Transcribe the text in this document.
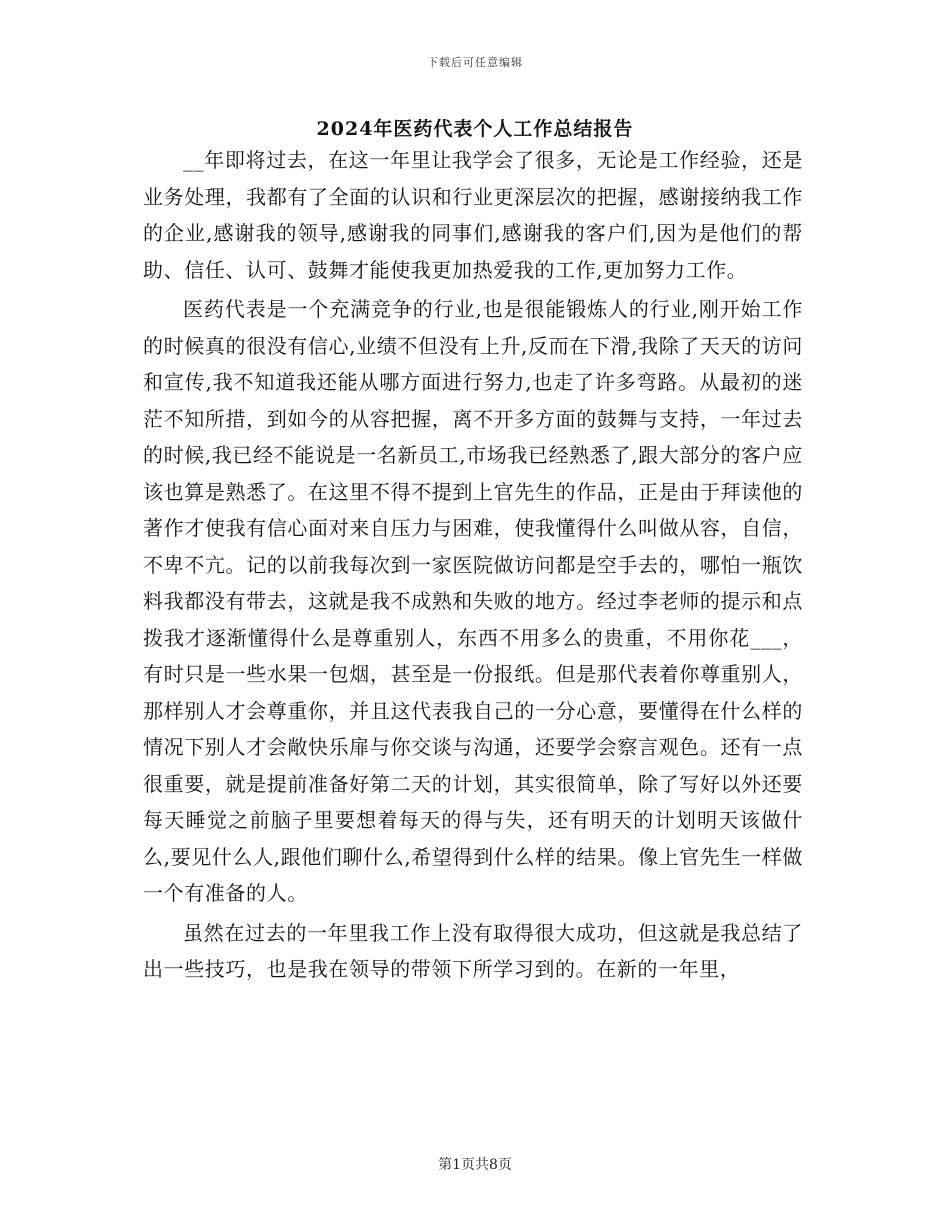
下载后可任意编辑
2024年医药代表个人工作总结报告

__年即将过去，在这一年里让我学会了很多，无论是工作经验，还是业务处理，我都有了全面的认识和行业更深层次的把握，感谢接纳我工作的企业,感谢我的领导,感谢我的同事们,感谢我的客户们,因为是他们的帮助、信任、认可、鼓舞才能使我更加热爱我的工作,更加努力工作。

医药代表是一个充满竞争的行业,也是很能锻炼人的行业,刚开始工作的时候真的很没有信心,业绩不但没有上升,反而在下滑,我除了天天的访问和宣传,我不知道我还能从哪方面进行努力,也走了许多弯路。从最初的迷茫不知所措，到如今的从容把握，离不开多方面的鼓舞与支持，一年过去的时候,我已经不能说是一名新员工,市场我已经熟悉了,跟大部分的客户应该也算是熟悉了。在这里不得不提到上官先生的作品，正是由于拜读他的著作才使我有信心面对来自压力与困难，使我懂得什么叫做从容，自信，不卑不亢。记的以前我每次到一家医院做访问都是空手去的，哪怕一瓶饮料我都没有带去，这就是我不成熟和失败的地方。经过李老师的提示和点拨我才逐渐懂得什么是尊重别人，东西不用多么的贵重，不用你花___，有时只是一些水果一包烟，甚至是一份报纸。但是那代表着你尊重别人，那样别人才会尊重你，并且这代表我自己的一分心意，要懂得在什么样的情况下别人才会敞快乐扉与你交谈与沟通，还要学会察言观色。还有一点很重要，就是提前准备好第二天的计划，其实很简单，除了写好以外还要每天睡觉之前脑子里要想着每天的得与失，还有明天的计划明天该做什么,要见什么人,跟他们聊什么,希望得到什么样的结果。像上官先生一样做一个有准备的人。

虽然在过去的一年里我工作上没有取得很大成功，但这就是我总结了出一些技巧，也是我在领导的带领下所学习到的。在新的一年里，

第1页共8页
